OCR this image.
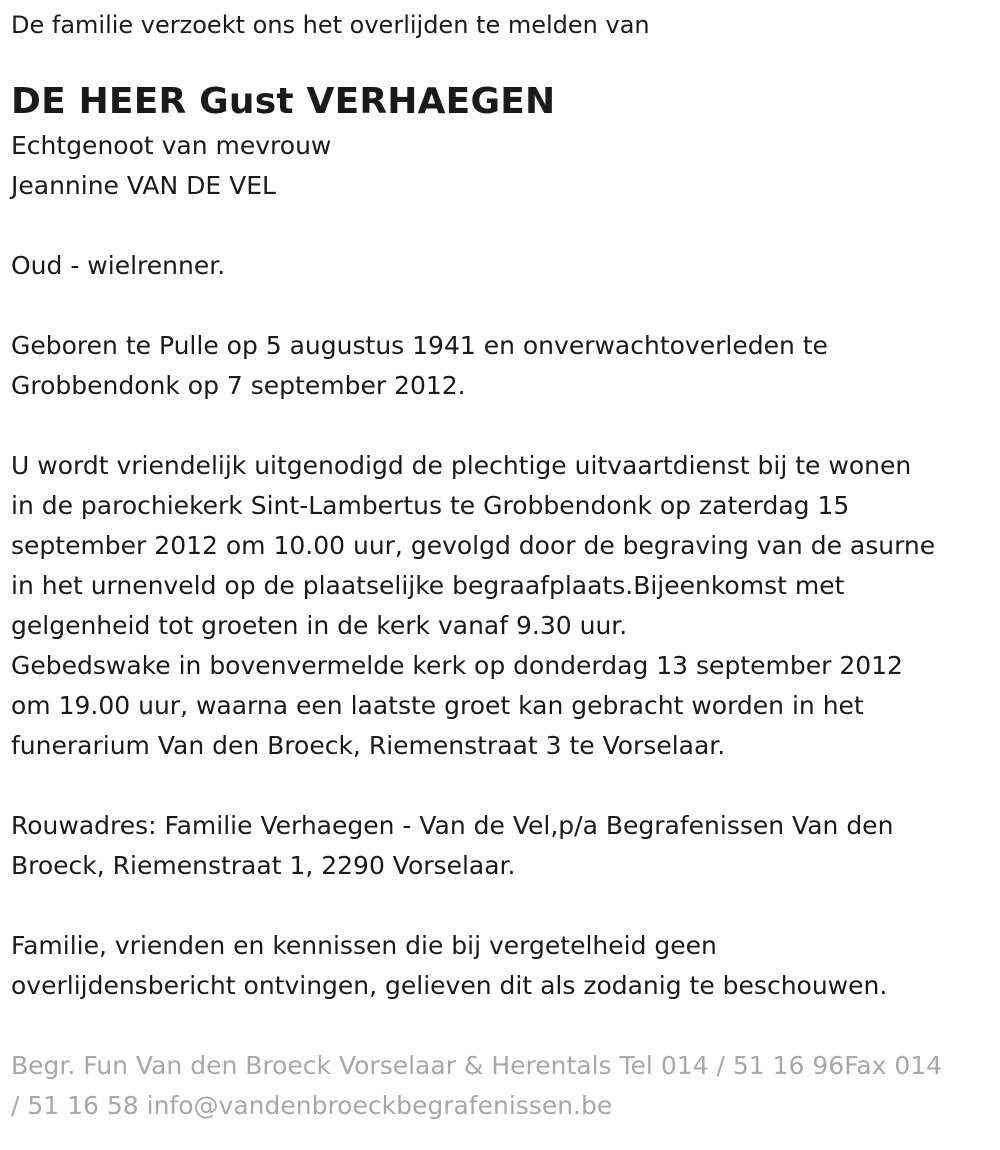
De familie verzoekt ons het overlijden te melden van

DE HEER Gust VERHAEGEN

Echtgenoot van mevrouw

Jeannine VAN DE VEL

Oud - wielrenner.

Geboren te Pulle op 5 augustus 1941 en onverwachtoverleden te

Grobbendonk op 7 september 2012.

U wordt vriendelijk uitgenodigd de plechtige uitvaartdienst bij te wonen

in de parochiekerk Sint-Lambertus te Grobbendonk op zaterdag 15

september 2012 om 10.00 uur, gevolgd door de begraving van de asurne

in het urnenveld op de plaatselijke begraafplaats.Bijeenkomst met

gelgenheid tot groeten in de kerk vanaf 9.30 uur.

Gebedswake in bovenvermelde kerk op donderdag 13 september 2012

om 19.00 uur, waarna een laatste groet kan gebracht worden in het

funerarium Van den Broeck, Riemenstraat 3 te Vorselaar.

Rouwadres: Familie Verhaegen - Van de Vel,p/a Begrafenissen Van den

Broeck, Riemenstraat 1, 2290 Vorselaar.

Familie, vrienden en kennissen die bij vergetelheid geen

overlijdensbericht ontvingen, gelieven dit als zodanig te beschouwen.

Begr. Fun Van den Broeck Vorselaar & Herentals Tel 014 / 51 16 96Fax 014

/ 51 16 58 info@vandenbroeckbegrafenissen.be
